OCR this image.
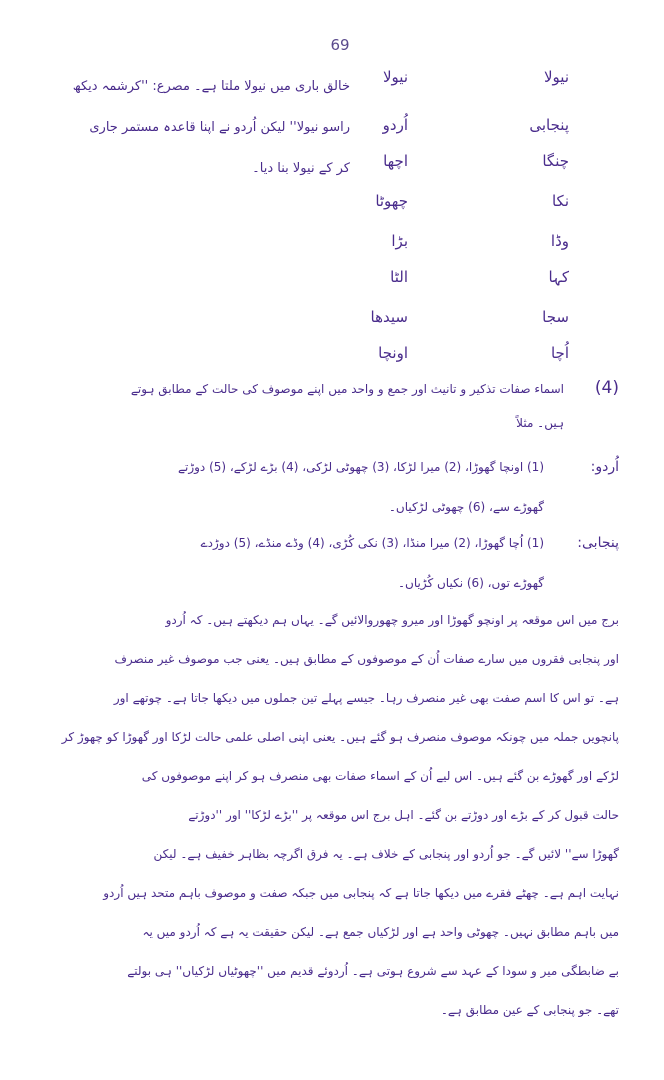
69
نیولا
نیولا
پنجابی
اُردو
چنگا
اچھا
نکا
چھوٹا
وڈا
بڑا
کہا
الٹا
سجا
سیدھا
اُچا
اونچا
خالق باری میں نیولا ملتا ہے۔ مصرع: ''کرشمہ دیکھ
راسو نیولا'' لیکن اُردو نے اپنا قاعدہ مستمر جاری
کر کے نیولا بنا دیا۔
(4)
اسماء صفات تذکیر و تانیث اور جمع و واحد میں اپنے موصوف کی حالت کے مطابق ہوتے
ہیں۔ مثلاً
اُردو:
(1) اونچا گھوڑا، (2) میرا لڑکا، (3) چھوٹی لڑکی، (4) بڑے لڑکے، (5) دوڑتے
گھوڑے سے، (6) چھوٹی لڑکیاں۔
پنجابی:
(1) اُچا گھوڑا، (2) میرا منڈا، (3) نکی کُڑی، (4) وڈے منڈے، (5) دوڑدے
گھوڑے توں، (6) نکیاں کُڑیاں۔
برج میں اس موقعہ پر اونچو گھوڑا اور میرو چھوروالائیں گے۔ یہاں ہم دیکھتے ہیں۔ کہ اُردو
اور پنجابی فقروں میں سارے صفات اُن کے موصوفوں کے مطابق ہیں۔ یعنی جب موصوف غیر منصرف
ہے۔ تو اس کا اسم صفت بھی غیر منصرف رہا۔ جیسے پہلے تین جملوں میں دیکھا جاتا ہے۔ چوتھے اور
پانچویں جملہ میں چونکہ موصوف منصرف ہو گئے ہیں۔ یعنی اپنی اصلی علمی حالت لڑکا اور گھوڑا کو چھوڑ کر
لڑکے اور گھوڑے بن گئے ہیں۔ اس لیے اُن کے اسماء صفات بھی منصرف ہو کر اپنے موصوفوں کی
حالت قبول کر کے بڑے اور دوڑتے بن گئے۔ اہل برج اس موقعہ پر ''بڑے لڑکا'' اور ''دوڑتے
گھوڑا سے'' لائیں گے۔ جو اُردو اور پنجابی کے خلاف ہے۔ یہ فرق اگرچہ بظاہر خفیف ہے۔ لیکن
نہایت اہم ہے۔ چھٹے فقرے میں دیکھا جاتا ہے کہ پنجابی میں جبکہ صفت و موصوف باہم متحد ہیں اُردو
میں باہم مطابق نہیں۔ چھوٹی واحد ہے اور لڑکیاں جمع ہے۔ لیکن حقیقت یہ ہے کہ اُردو میں یہ
بے ضابطگی میر و سودا کے عہد سے شروع ہوتی ہے۔ اُردوئے قدیم میں ''چھوٹیاں لڑکیاں'' ہی بولتے
تھے۔ جو پنجابی کے عین مطابق ہے۔
